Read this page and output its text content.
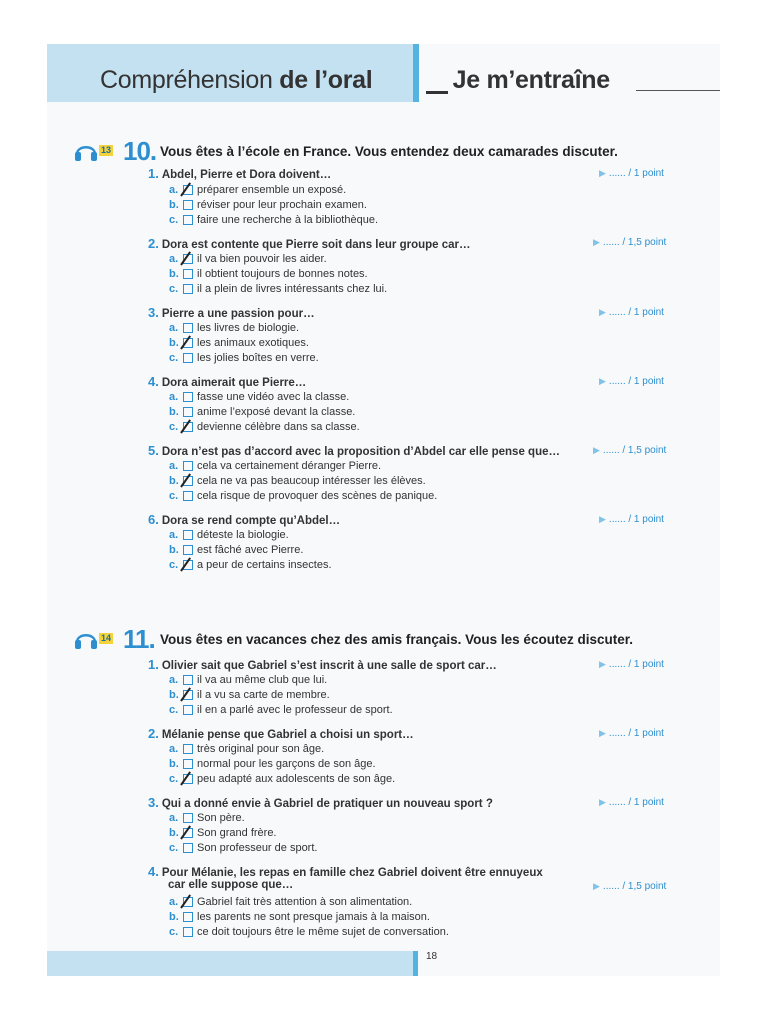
Compréhension de l’oral	Je m’entraîne
13 10. Vous êtes à l’école en France. Vous entendez deux camarades discuter.
1. Abdel, Pierre et Dora doivent…	▶ ...... / 1 point
a.	préparer ensemble un exposé.
b.	réviser pour leur prochain examen.
c.	faire une recherche à la bibliothèque.
2. Dora est contente que Pierre soit dans leur groupe car…	▶ ...... / 1,5 point
a.	il va bien pouvoir les aider.
b.	il obtient toujours de bonnes notes.
c.	il a plein de livres intéressants chez lui.
3. Pierre a une passion pour…	▶ ...... / 1 point
a.	les livres de biologie.
b.	les animaux exotiques.
c.	les jolies boîtes en verre.
4. Dora aimerait que Pierre…	▶ ...... / 1 point
a.	fasse une vidéo avec la classe.
b.	anime l’exposé devant la classe.
c.	devienne célèbre dans sa classe.
5. Dora n’est pas d’accord avec la proposition d’Abdel car elle pense que…	▶ ...... / 1,5 point
a.	cela va certainement déranger Pierre.
b.	cela ne va pas beaucoup intéresser les élèves.
c.	cela risque de provoquer des scènes de panique.
6. Dora se rend compte qu’Abdel…	▶ ...... / 1 point
a.	déteste la biologie.
b.	est fâché avec Pierre.
c.	a peur de certains insectes.
14 11. Vous êtes en vacances chez des amis français. Vous les écoutez discuter.
1. Olivier sait que Gabriel s’est inscrit à une salle de sport car…	▶ ...... / 1 point
a.	il va au même club que lui.
b.	il a vu sa carte de membre.
c.	il en a parlé avec le professeur de sport.
2. Mélanie pense que Gabriel a choisi un sport…	▶ ...... / 1 point
a.	très original pour son âge.
b.	normal pour les garçons de son âge.
c.	peu adapté aux adolescents de son âge.
3. Qui a donné envie à Gabriel de pratiquer un nouveau sport ?	▶ ...... / 1 point
a.	Son père.
b.	Son grand frère.
c.	Son professeur de sport.
4. Pour Mélanie, les repas en famille chez Gabriel doivent être ennuyeux
car elle suppose que…	▶ ...... / 1,5 point
a.	Gabriel fait très attention à son alimentation.
b.	les parents ne sont presque jamais à la maison.
c.	ce doit toujours être le même sujet de conversation.
18
